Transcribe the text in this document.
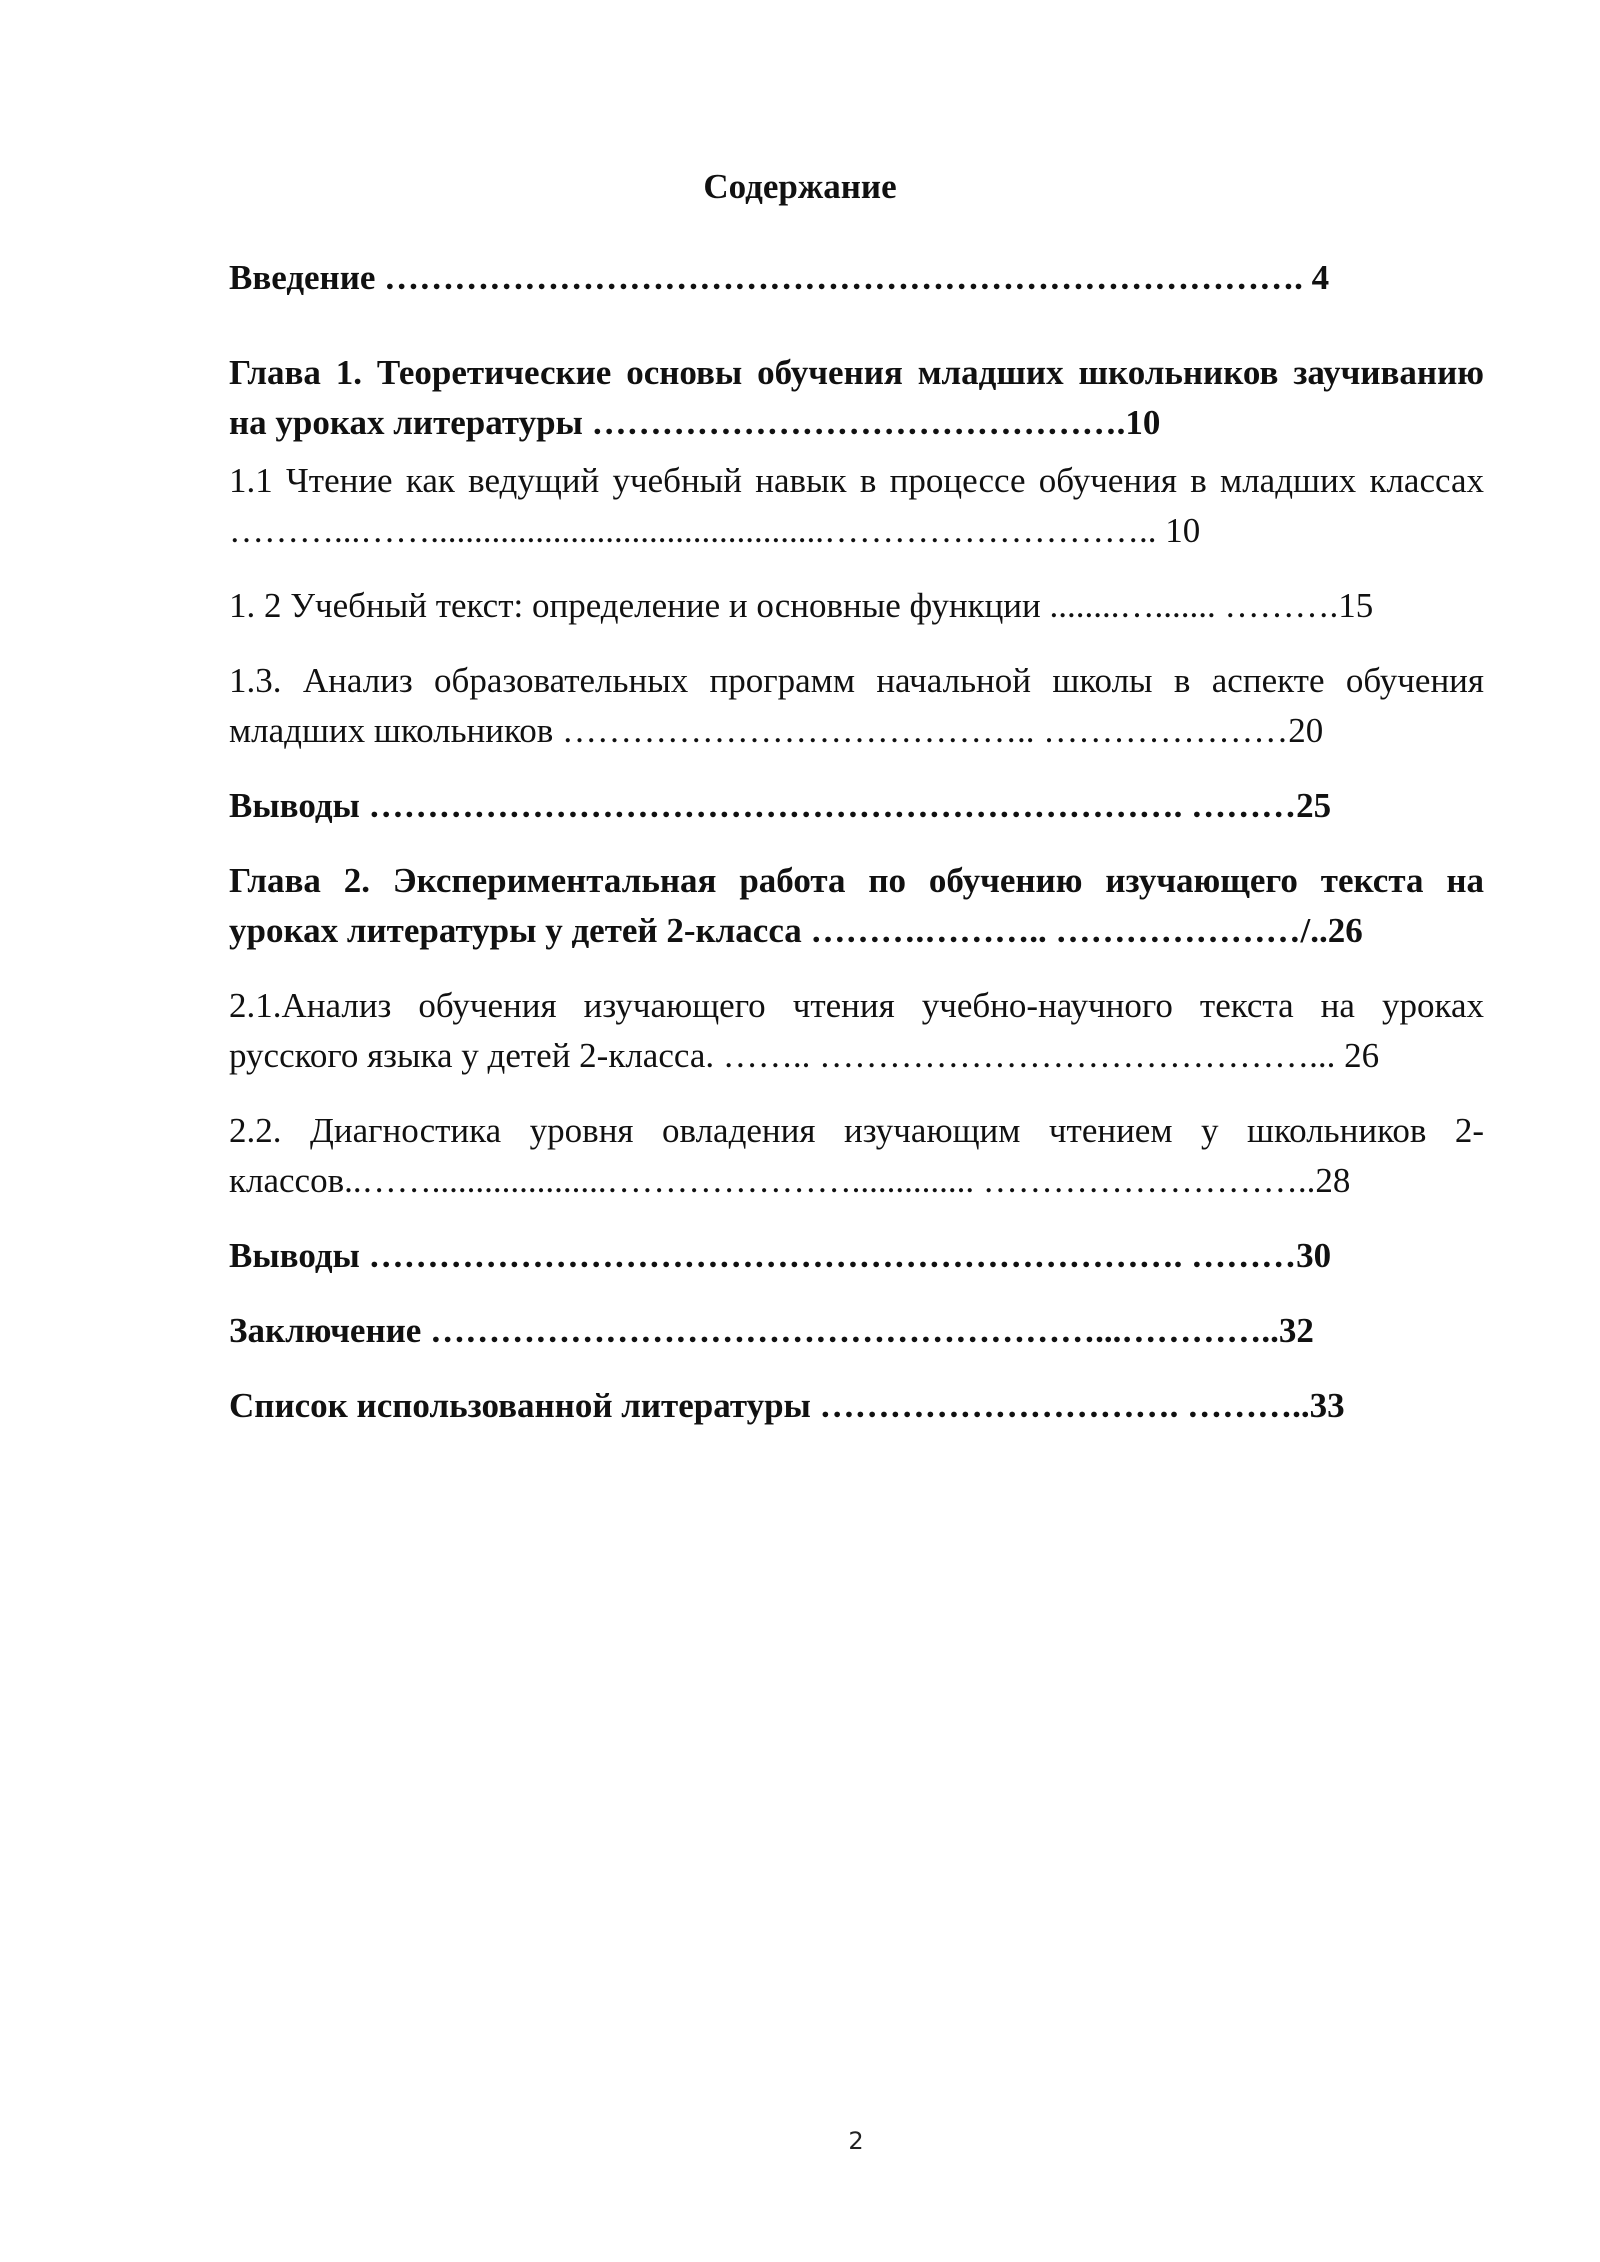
Содержание

Введение ……………………………………………………………………. 4

Глава 1. Теоретические основы обучения младших школьников заучиванию на уроках литературы ……………………………………….10

1.1 Чтение как ведущий учебный навык в процессе обучения в младших классах ………...…….............................................……………………….. 10

1. 2 Учебный текст: определение и основные функции ........…....... ……….15

1.3. Анализ образовательных программ начальной школы в аспекте обучения младших школьников ………………………………….. …………………20

Выводы ……………………………………………………………. ………25

Глава 2. Экспериментальная работа по обучению изучающего текста на уроках литературы у детей 2-класса ……….……….. …………………/..26

2.1.Анализ обучения изучающего чтения учебно-научного текста на уроках русского языка у детей 2-класса. …….. ……………………………………... 26

2.2. Диагностика уровня овладения изучающим чтением у школьников 2-классов..……....................………………….............. ………………………..28

Выводы ……………………………………………………………. ………30

Заключение …………………………………………………...…………..32

Список использованной литературы …………………………. ………..33

2
